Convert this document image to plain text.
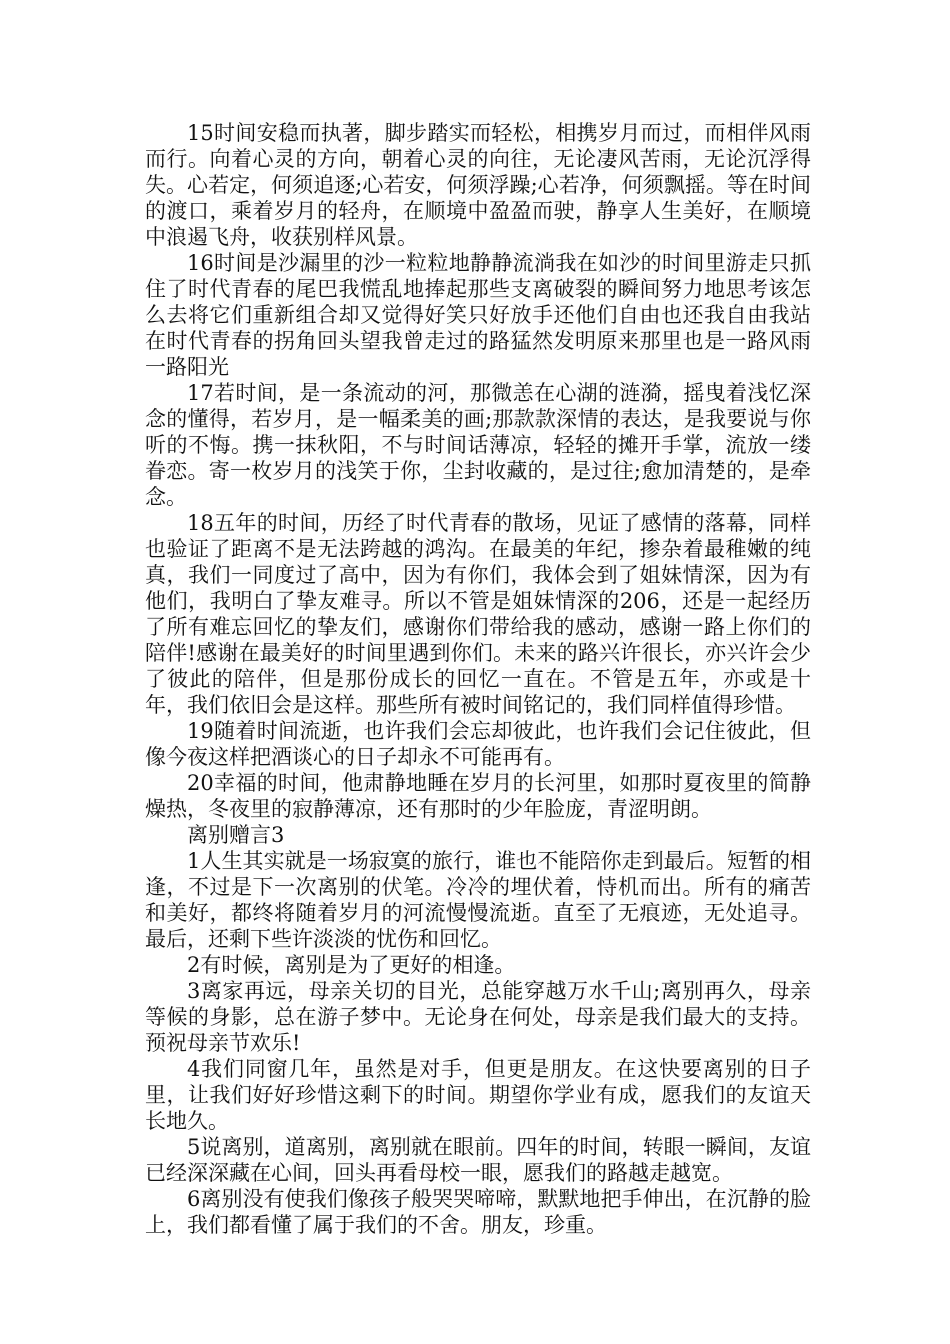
15时间安稳而执著，脚步踏实而轻松，相携岁月而过，而相伴风雨而行。向着心灵的方向，朝着心灵的向往，无论凄风苦雨，无论沉浮得失。心若定，何须追逐;心若安，何须浮躁;心若净，何须飘摇。等在时间的渡口，乘着岁月的轻舟，在顺境中盈盈而驶，静享人生美好，在顺境中浪遏飞舟，收获别样风景。

16时间是沙漏里的沙一粒粒地静静流淌我在如沙的时间里游走只抓住了时代青春的尾巴我慌乱地捧起那些支离破裂的瞬间努力地思考该怎么去将它们重新组合却又觉得好笑只好放手还他们自由也还我自由我站在时代青春的拐角回头望我曾走过的路猛然发明原来那里也是一路风雨一路阳光

17若时间，是一条流动的河，那微恙在心湖的涟漪，摇曳着浅忆深念的懂得，若岁月，是一幅柔美的画;那款款深情的表达，是我要说与你听的不悔。携一抹秋阳，不与时间话薄凉，轻轻的摊开手掌，流放一缕眷恋。寄一枚岁月的浅笑于你，尘封收藏的，是过往;愈加清楚的，是牵念。

18五年的时间，历经了时代青春的散场，见证了感情的落幕，同样也验证了距离不是无法跨越的鸿沟。在最美的年纪，掺杂着最稚嫩的纯真，我们一同度过了高中，因为有你们，我体会到了姐妹情深，因为有他们，我明白了挚友难寻。所以不管是姐妹情深的206，还是一起经历了所有难忘回忆的挚友们，感谢你们带给我的感动，感谢一路上你们的陪伴!感谢在最美好的时间里遇到你们。未来的路兴许很长，亦兴许会少了彼此的陪伴，但是那份成长的回忆一直在。不管是五年，亦或是十年，我们依旧会是这样。那些所有被时间铭记的，我们同样值得珍惜。

19随着时间流逝，也许我们会忘却彼此，也许我们会记住彼此，但像今夜这样把酒谈心的日子却永不可能再有。

20幸福的时间，他肃静地睡在岁月的长河里，如那时夏夜里的简静燥热，冬夜里的寂静薄凉，还有那时的少年脸庞，青涩明朗。

离别赠言3

1人生其实就是一场寂寞的旅行，谁也不能陪你走到最后。短暂的相逢，不过是下一次离别的伏笔。冷冷的埋伏着，恃机而出。所有的痛苦和美好，都终将随着岁月的河流慢慢流逝。直至了无痕迹，无处追寻。最后，还剩下些许淡淡的忧伤和回忆。

2有时候，离别是为了更好的相逢。

3离家再远，母亲关切的目光，总能穿越万水千山;离别再久，母亲等候的身影，总在游子梦中。无论身在何处，母亲是我们最大的支持。预祝母亲节欢乐!

4我们同窗几年，虽然是对手，但更是朋友。在这快要离别的日子里，让我们好好珍惜这剩下的时间。期望你学业有成，愿我们的友谊天长地久。

5说离别，道离别，离别就在眼前。四年的时间，转眼一瞬间，友谊已经深深藏在心间，回头再看母校一眼，愿我们的路越走越宽。

6离别没有使我们像孩子般哭哭啼啼，默默地把手伸出，在沉静的脸上，我们都看懂了属于我们的不舍。朋友，珍重。
